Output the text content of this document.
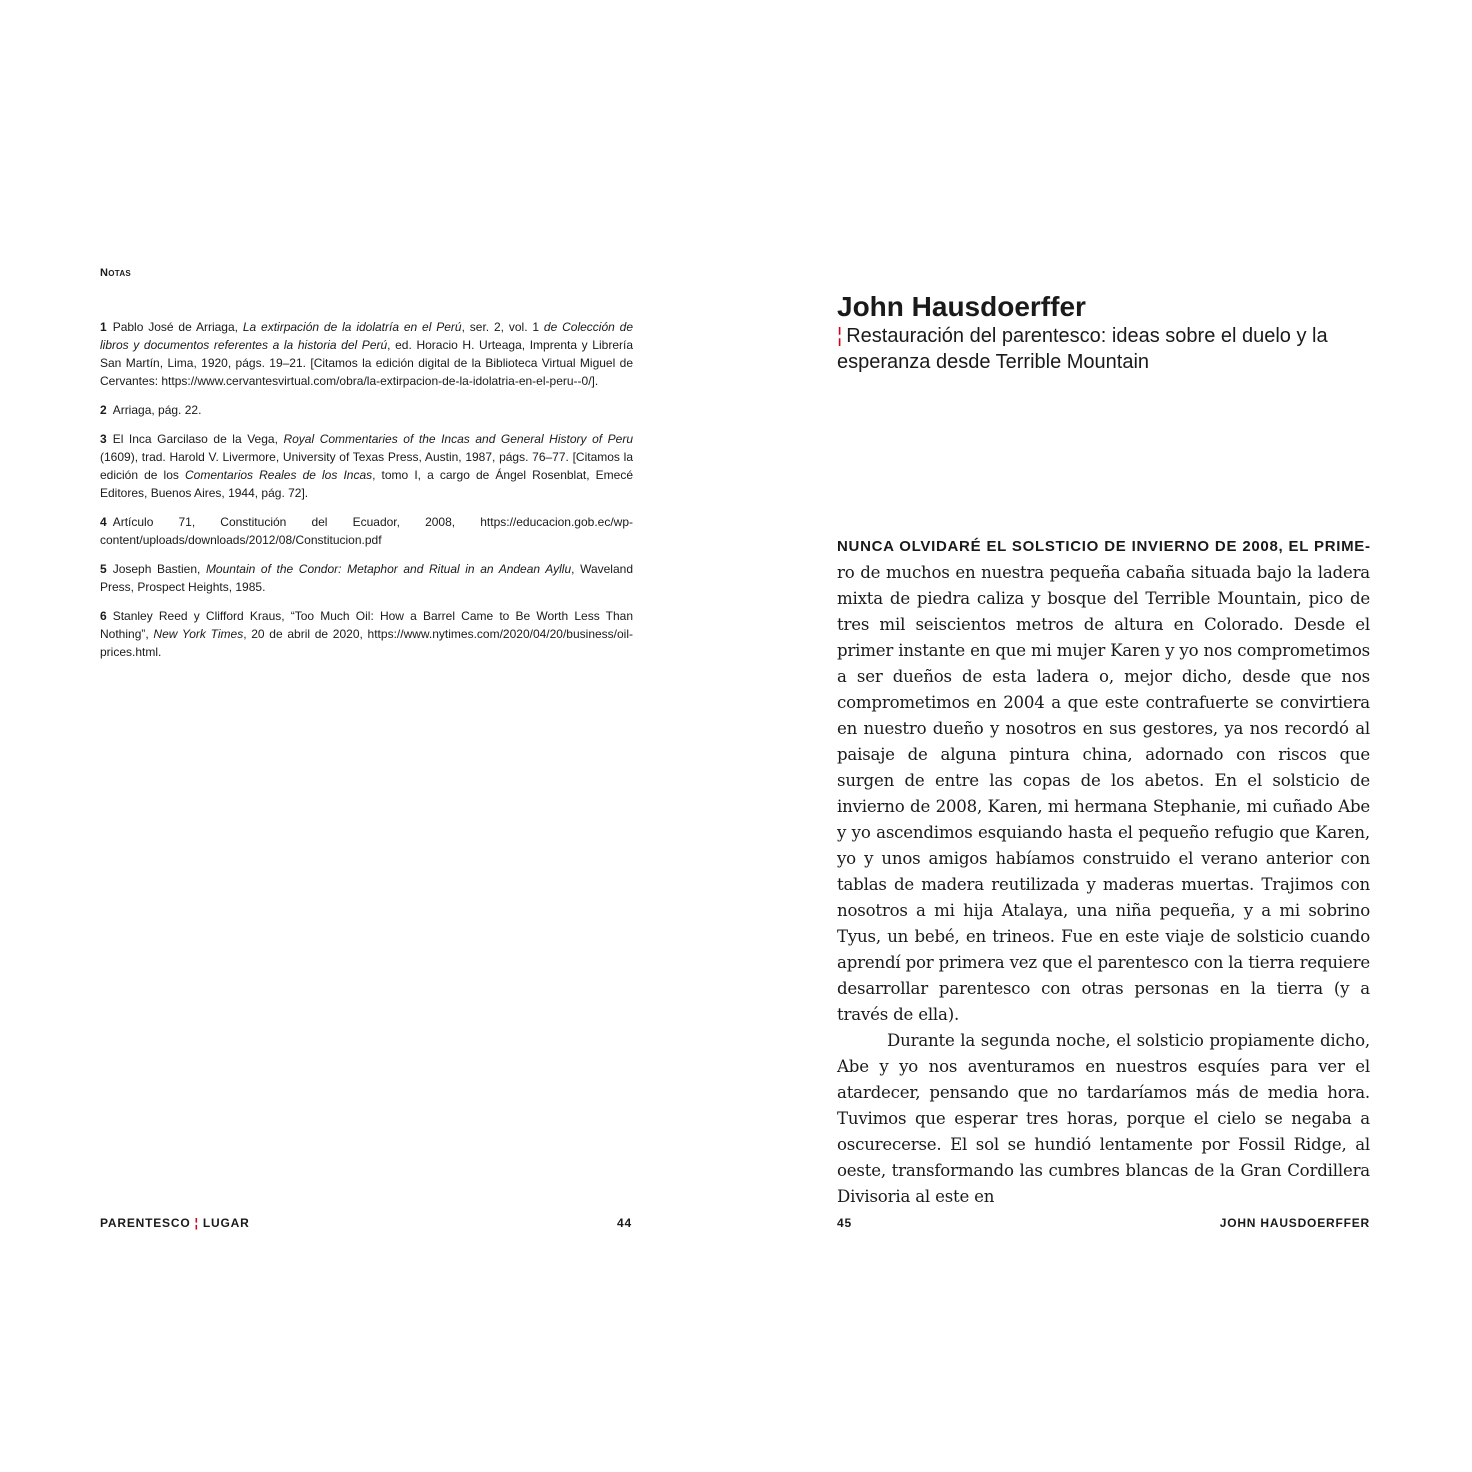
Notas

1 Pablo José de Arriaga, La extirpación de la idolatría en el Perú, ser. 2, vol. 1 de Colección de libros y documentos referentes a la historia del Perú, ed. Horacio H. Urteaga, Imprenta y Librería San Martín, Lima, 1920, págs. 19–21. [Citamos la edición digital de la Biblioteca Virtual Miguel de Cervantes: https://www.cervantesvirtual.com/obra/la-extirpacion-de-la-idolatria-en-el-peru--0/].

2 Arriaga, pág. 22.

3 El Inca Garcilaso de la Vega, Royal Commentaries of the Incas and General History of Peru (1609), trad. Harold V. Livermore, University of Texas Press, Austin, 1987, págs. 76–77. [Citamos la edición de los Comentarios Reales de los Incas, tomo I, a cargo de Ángel Rosenblat, Emecé Editores, Buenos Aires, 1944, pág. 72].

4 Artículo 71, Constitución del Ecuador, 2008, https://educacion.gob.ec/wp-content/uploads/downloads/2012/08/Constitucion.pdf

5 Joseph Bastien, Mountain of the Condor: Metaphor and Ritual in an Andean Ayllu, Waveland Press, Prospect Heights, 1985.

6 Stanley Reed y Clifford Kraus, “Too Much Oil: How a Barrel Came to Be Worth Less Than Nothing”, New York Times, 20 de abril de 2020, https://www.nytimes.com/2020/04/20/business/oil-prices.html.

PARENTESCO ¦ LUGAR	44
John Hausdoerffer

¦ Restauración del parentesco: ideas sobre el duelo y la esperanza desde Terrible Mountain

NUNCA OLVIDARÉ EL SOLSTICIO DE INVIERNO DE 2008, EL PRIMEro de muchos en nuestra pequeña cabaña situada bajo la ladera mixta de piedra caliza y bosque del Terrible Mountain, pico de tres mil seiscientos metros de altura en Colorado. Desde el primer instante en que mi mujer Karen y yo nos comprometimos a ser dueños de esta ladera o, mejor dicho, desde que nos comprometimos en 2004 a que este contrafuerte se convirtiera en nuestro dueño y nosotros en sus gestores, ya nos recordó al paisaje de alguna pintura china, adornado con riscos que surgen de entre las copas de los abetos. En el solsticio de invierno de 2008, Karen, mi hermana Stephanie, mi cuñado Abe y yo ascendimos esquiando hasta el pequeño refugio que Karen, yo y unos amigos habíamos construido el verano anterior con tablas de madera reutilizada y maderas muertas. Trajimos con nosotros a mi hija Atalaya, una niña pequeña, y a mi sobrino Tyus, un bebé, en trineos. Fue en este viaje de solsticio cuando aprendí por primera vez que el parentesco con la tierra requiere desarrollar parentesco con otras personas en la tierra (y a través de ella).

Durante la segunda noche, el solsticio propiamente dicho, Abe y yo nos aventuramos en nuestros esquíes para ver el atardecer, pensando que no tardaríamos más de media hora. Tuvimos que esperar tres horas, porque el cielo se negaba a oscurecerse. El sol se hundió lentamente por Fossil Ridge, al oeste, transformando las cumbres blancas de la Gran Cordillera Divisoria al este en

45	JOHN HAUSDOERFFER
